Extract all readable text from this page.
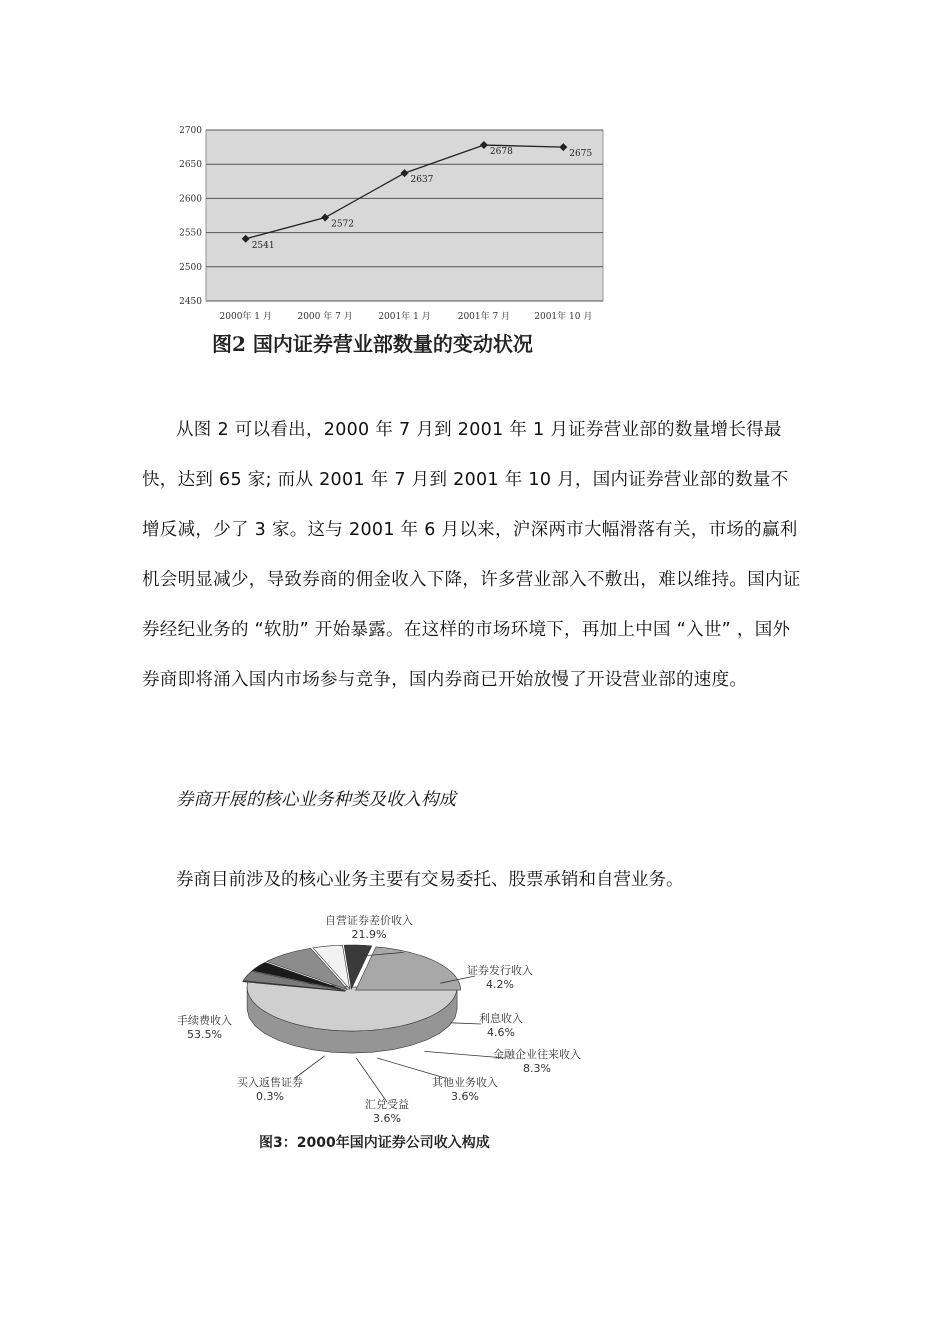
2700
2650
2600
2550
2500
2450
2000年 1 月	2000 年 7 月	2001年 1 月	2001年 7 月	2001年 10 月
2541
2572
2637
2678	2675
图2 国内证券营业部数量的变动状况

从图 2 可以看出，2000 年 7 月到 2001 年 1 月证券营业部的数量增长得最快，达到 65 家; 而从 2001 年 7 月到 2001 年 10 月，国内证券营业部的数量不增反减，少了 3 家。这与 2001 年 6 月以来，沪深两市大幅滑落有关，市场的赢利机会明显减少，导致券商的佣金收入下降，许多营业部入不敷出，难以维持。国内证券经纪业务的 “软肋” 开始暴露。在这样的市场环境下，再加上中国 “入世” ，国外券商即将涌入国内市场参与竞争，国内券商已开始放慢了开设营业部的速度。

券商开展的核心业务种类及收入构成

券商目前涉及的核心业务主要有交易委托、股票承销和自营业务。

自营证券差价收入
21.9%
证券发行收入
4.2%
利息收入
4.6%
金融企业往来收入
8.3%
其他业务收入
3.6%
汇兑受益
3.6%
买入返售证券
0.3%
手续费收入
53.5%
图3：2000年国内证券公司收入构成
